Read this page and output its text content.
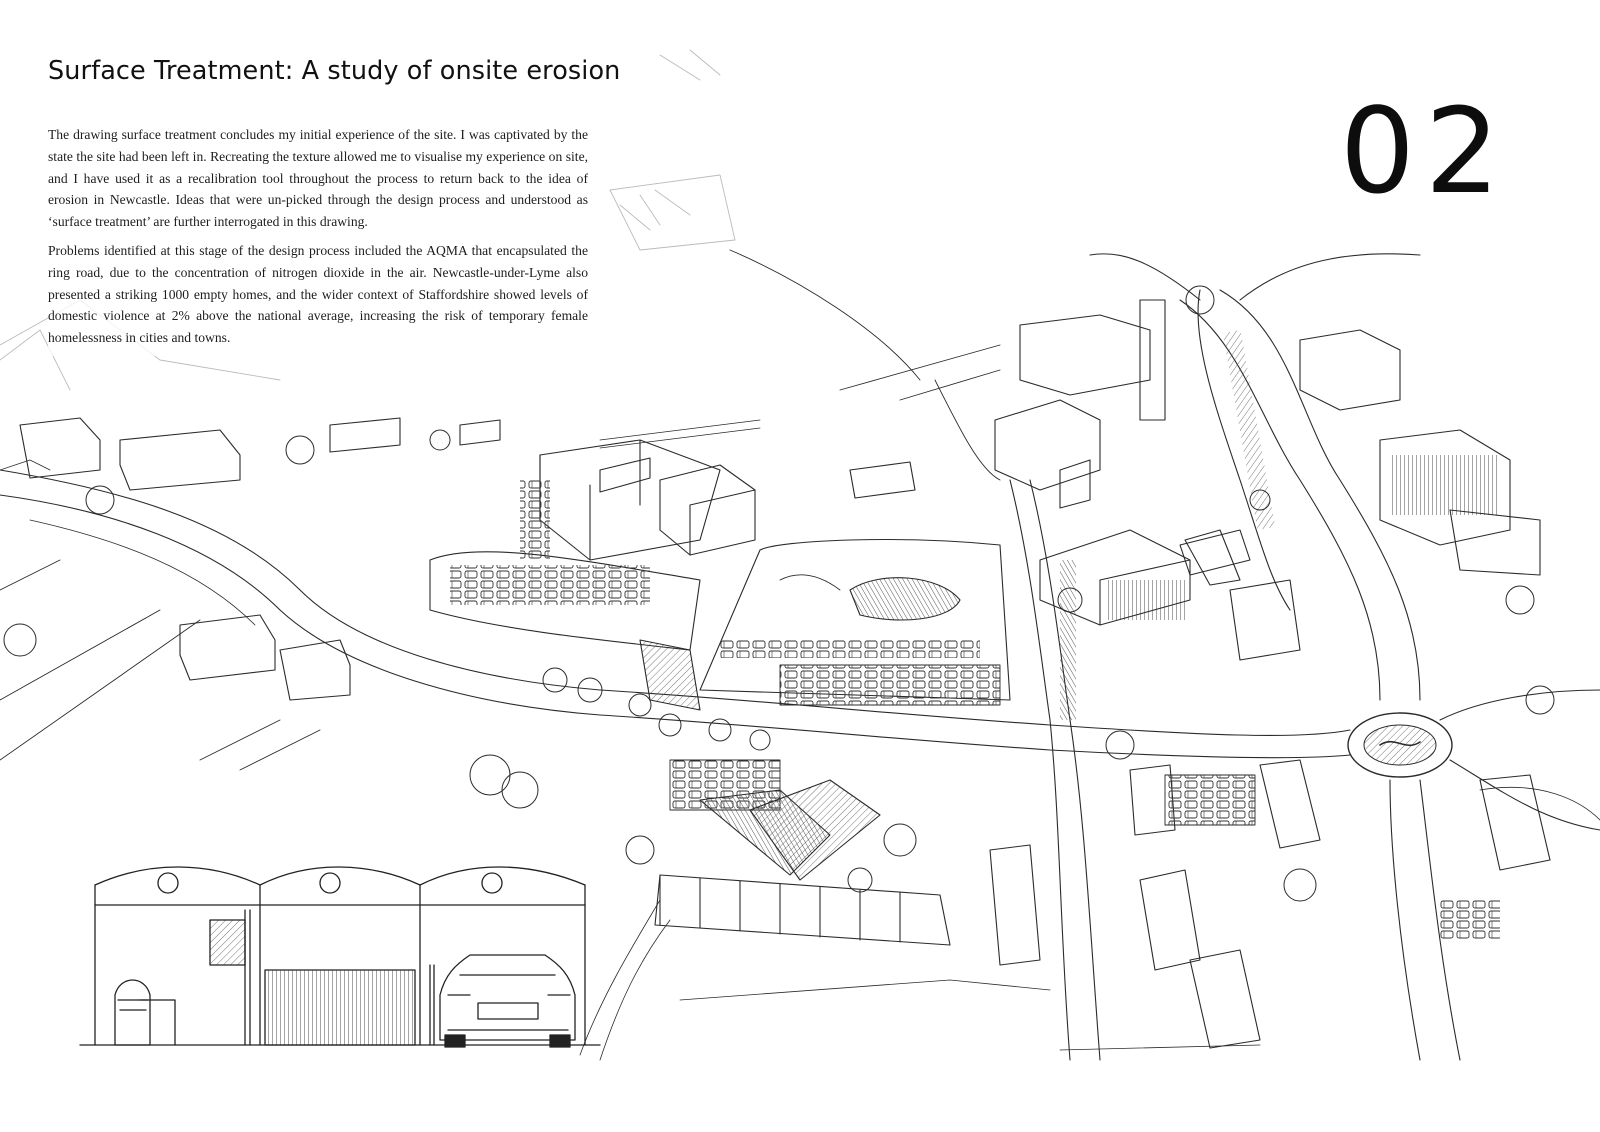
Surface Treatment: A study of onsite erosion

The drawing surface treatment concludes my initial experience of the site. I was captivated by the state the site had been left in. Recreating the texture allowed me to visualise my experience on site, and I have used it as a recalibration tool throughout the process to return back to the idea of erosion in Newcastle. Ideas that were un-picked through the design process and understood as ‘surface treatment’ are further interrogated in this drawing.

Problems identified at this stage of the design process included the AQMA that encapsulated the ring road, due to the concentration of nitrogen dioxide in the air. Newcastle-under-Lyme also presented a striking 1000 empty homes, and the wider context of Staffordshire showed levels of domestic violence at 2% above the national average, increasing the risk of temporary female homelessness in cities and towns.

02
